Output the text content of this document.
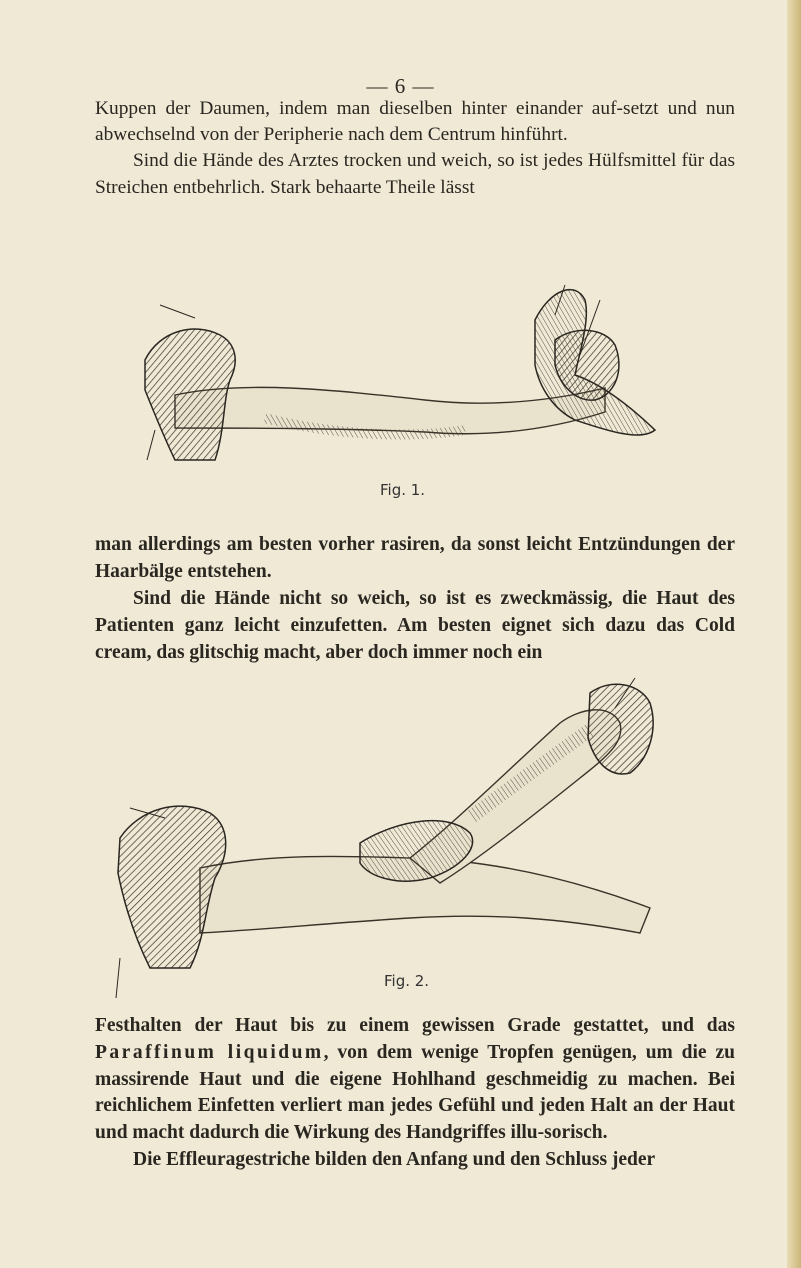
— 6 —

Kuppen der Daumen, indem man dieselben hinter einander auf-setzt und nun abwechselnd von der Peripherie nach dem Centrum hinführt.

Sind die Hände des Arztes trocken und weich, so ist jedes Hülfsmittel für das Streichen entbehrlich. Stark behaarte Theile lässt

Fig. 1.

man allerdings am besten vorher rasiren, da sonst leicht Entzündungen der Haarbälge entstehen.

Sind die Hände nicht so weich, so ist es zweckmässig, die Haut des Patienten ganz leicht einzufetten. Am besten eignet sich dazu das Cold cream, das glitschig macht, aber doch immer noch ein

Fig. 2.

Festhalten der Haut bis zu einem gewissen Grade gestattet, und das Paraffinum liquidum, von dem wenige Tropfen genügen, um die zu massirende Haut und die eigene Hohlhand geschmeidig zu machen. Bei reichlichem Einfetten verliert man jedes Gefühl und jeden Halt an der Haut und macht dadurch die Wirkung des Handgriffes illu-sorisch.

Die Effleuragestriche bilden den Anfang und den Schluss jeder
